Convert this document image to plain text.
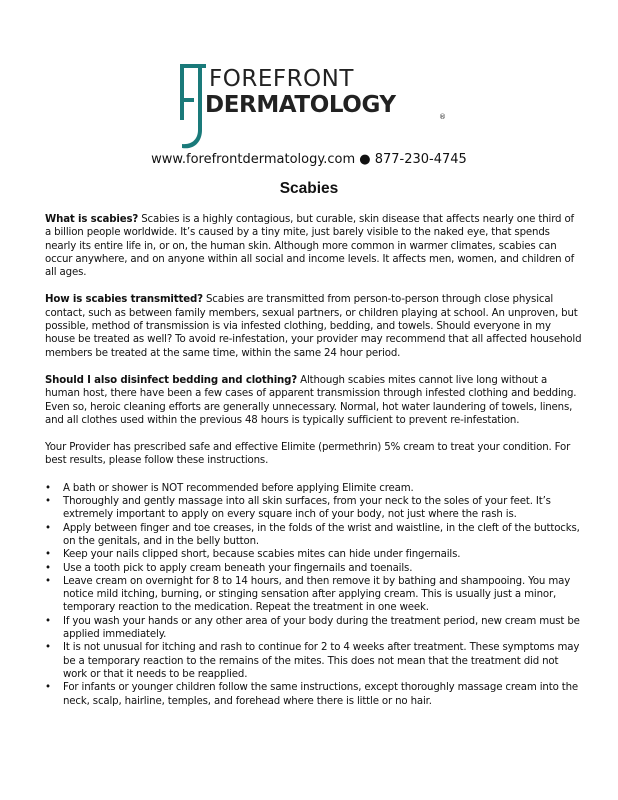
FOREFRONT
DERMATOLOGY	®
www.forefrontdermatology.com ● 877-230-4745
Scabies

What is scabies? Scabies is a highly contagious, but curable, skin disease that affects nearly one third of a billion people worldwide. It’s caused by a tiny mite, just barely visible to the naked eye, that spends nearly its entire life in, or on, the human skin. Although more common in warmer climates, scabies can occur anywhere, and on anyone within all social and income levels. It affects men, women, and children of all ages.

How is scabies transmitted? Scabies are transmitted from person-to-person through close physical contact, such as between family members, sexual partners, or children playing at school. An unproven, but possible, method of transmission is via infested clothing, bedding, and towels. Should everyone in my house be treated as well? To avoid re-infestation, your provider may recommend that all affected household members be treated at the same time, within the same 24 hour period.

Should I also disinfect bedding and clothing? Although scabies mites cannot live long without a human host, there have been a few cases of apparent transmission through infested clothing and bedding. Even so, heroic cleaning efforts are generally unnecessary. Normal, hot water laundering of towels, linens, and all clothes used within the previous 48 hours is typically sufficient to prevent re-infestation.

Your Provider has prescribed safe and effective Elimite (permethrin) 5% cream to treat your condition. For best results, please follow these instructions.

• A bath or shower is NOT recommended before applying Elimite cream.
• Thoroughly and gently massage into all skin surfaces, from your neck to the soles of your feet. It’s extremely important to apply on every square inch of your body, not just where the rash is.
• Apply between finger and toe creases, in the folds of the wrist and waistline, in the cleft of the buttocks, on the genitals, and in the belly button.
• Keep your nails clipped short, because scabies mites can hide under fingernails.
• Use a tooth pick to apply cream beneath your fingernails and toenails.
• Leave cream on overnight for 8 to 14 hours, and then remove it by bathing and shampooing. You may notice mild itching, burning, or stinging sensation after applying cream. This is usually just a minor, temporary reaction to the medication. Repeat the treatment in one week.
• If you wash your hands or any other area of your body during the treatment period, new cream must be applied immediately.
• It is not unusual for itching and rash to continue for 2 to 4 weeks after treatment. These symptoms may be a temporary reaction to the remains of the mites. This does not mean that the treatment did not work or that it needs to be reapplied.
• For infants or younger children follow the same instructions, except thoroughly massage cream into the neck, scalp, hairline, temples, and forehead where there is little or no hair.
